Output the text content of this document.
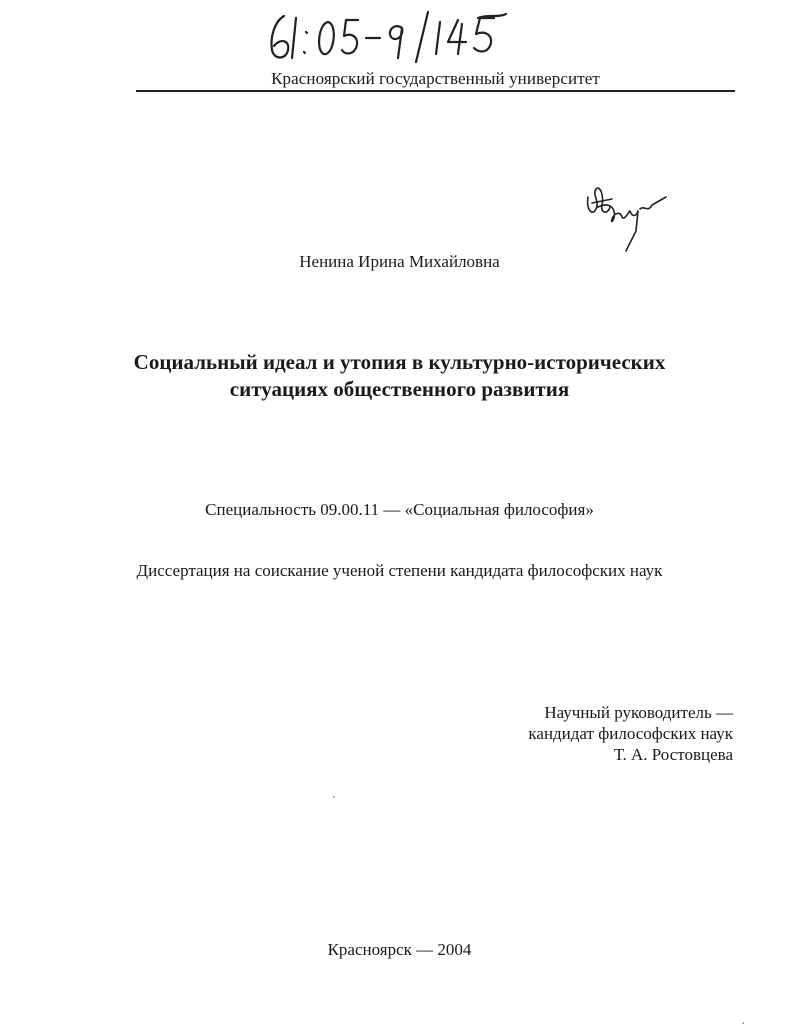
Красноярский государственный университет
Ненина Ирина Михайловна
Социальный идеал и утопия в культурно-исторических
ситуациях общественного развития
Специальность 09.00.11 — «Социальная философия»
Диссертация на соискание ученой степени кандидата философских наук
Научный руководитель —
кандидат философских наук
Т. А. Ростовцева
Красноярск — 2004
